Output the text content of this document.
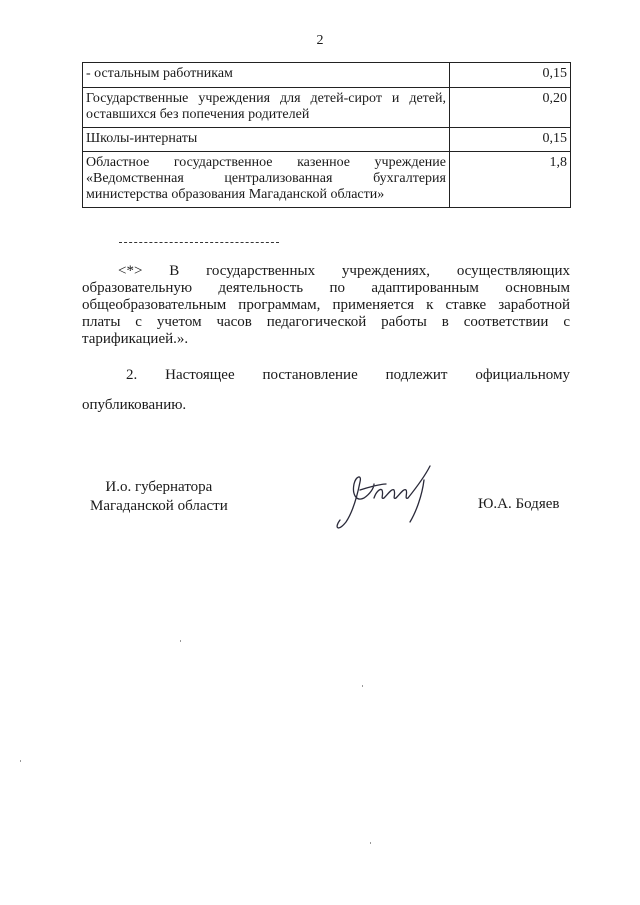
2
- остальным работникам	0,15
Государственные учреждения для детей-сирот и детей, оставшихся без попечения родителей	0,20
Школы-интернаты	0,15
Областное государственное казенное учреждение «Ведомственная централизованная бухгалтерия министерства образования Магаданской области»	1,8
<*> В государственных учреждениях, осуществляющих образовательную деятельность по адаптированным основным общеобразовательным программам, применяется к ставке заработной платы с учетом часов педагогической работы в соответствии с тарификацией.».
2. Настоящее постановление подлежит официальному опубликованию.
И.о. губернатора
Магаданской области	Ю.А. Бодяев
